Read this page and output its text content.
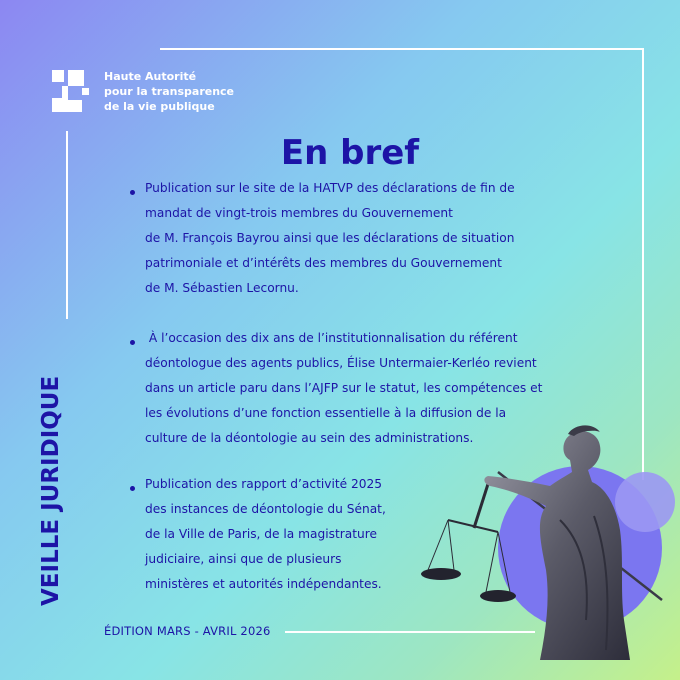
Haute Autorité
pour la transparence
de la vie publique
En bref
VEILLE JURIDIQUE
Publication sur le site de la HATVP des déclarations de fin de
mandat de vingt-trois membres du Gouvernement
de M. François Bayrou ainsi que les déclarations de situation
patrimoniale et d’intérêts des membres du Gouvernement
de M. Sébastien Lecornu.
À l’occasion des dix ans de l’institutionnalisation du référent
déontologue des agents publics, Élise Untermaier-Kerléo revient
dans un article paru dans l’AJFP sur le statut, les compétences et
les évolutions d’une fonction essentielle à la diffusion de la
culture de la déontologie au sein des administrations.
Publication des rapport d’activité 2025
des instances de déontologie du Sénat,
de la Ville de Paris, de la magistrature
judiciaire, ainsi que de plusieurs
ministères et autorités indépendantes.
ÉDITION MARS - AVRIL 2026
